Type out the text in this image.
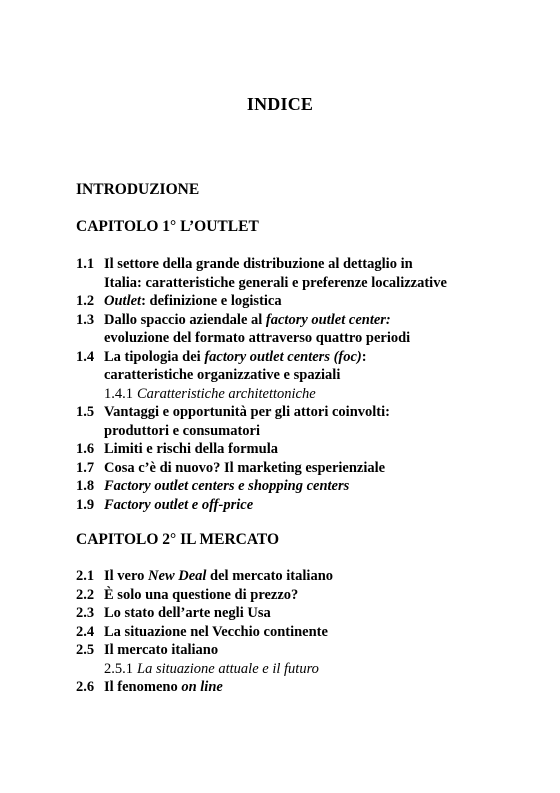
INDICE
INTRODUZIONE
CAPITOLO 1° L’OUTLET
1.1 Il settore della grande distribuzione al dettaglio in
Italia: caratteristiche generali e preferenze localizzative
1.2 Outlet: definizione e logistica
1.3 Dallo spaccio aziendale al factory outlet center:
evoluzione del formato attraverso quattro periodi
1.4 La tipologia dei factory outlet centers (foc):
caratteristiche organizzative e spaziali
1.4.1 Caratteristiche architettoniche
1.5 Vantaggi e opportunità per gli attori coinvolti:
produttori e consumatori
1.6 Limiti e rischi della formula
1.7 Cosa c’è di nuovo? Il marketing esperienziale
1.8 Factory outlet centers e shopping centers
1.9 Factory outlet e off-price
CAPITOLO 2° IL MERCATO
2.1 Il vero New Deal del mercato italiano
2.2 È solo una questione di prezzo?
2.3 Lo stato dell’arte negli Usa
2.4 La situazione nel Vecchio continente
2.5 Il mercato italiano
2.5.1 La situazione attuale e il futuro
2.6 Il fenomeno on line
